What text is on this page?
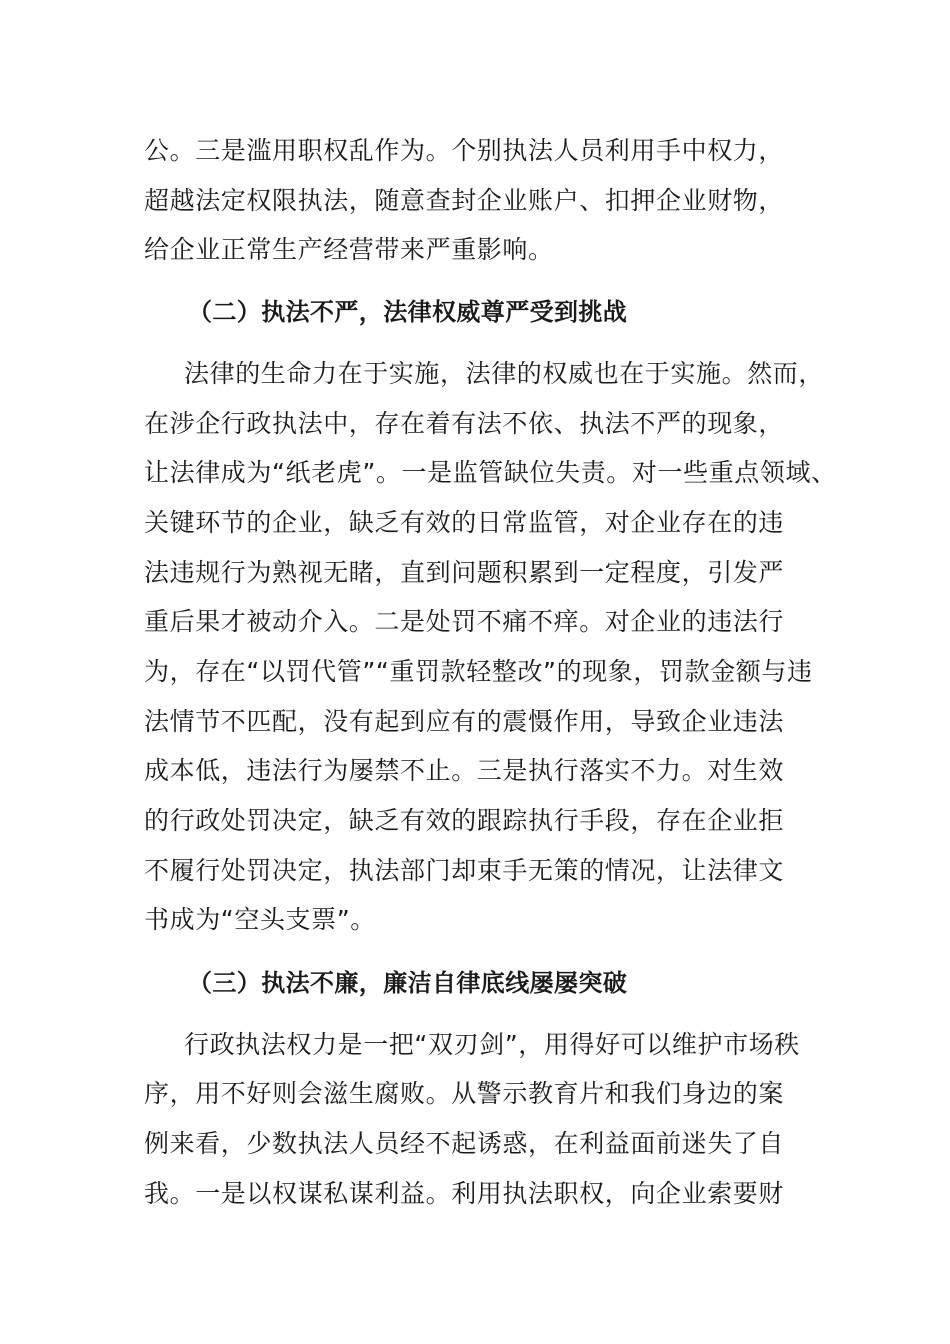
公。三是滥用职权乱作为。个别执法人员利用手中权力，
超越法定权限执法，随意查封企业账户、扣押企业财物，
给企业正常生产经营带来严重影响。
（二）执法不严，法律权威尊严受到挑战
法律的生命力在于实施，法律的权威也在于实施。然而，
在涉企行政执法中，存在着有法不依、执法不严的现象，
让法律成为“纸老虎”。一是监管缺位失责。对一些重点领域、
关键环节的企业，缺乏有效的日常监管，对企业存在的违
法违规行为熟视无睹，直到问题积累到一定程度，引发严
重后果才被动介入。二是处罚不痛不痒。对企业的违法行
为，存在“以罚代管”“重罚款轻整改”的现象，罚款金额与违
法情节不匹配，没有起到应有的震慑作用，导致企业违法
成本低，违法行为屡禁不止。三是执行落实不力。对生效
的行政处罚决定，缺乏有效的跟踪执行手段，存在企业拒
不履行处罚决定，执法部门却束手无策的情况，让法律文
书成为“空头支票”。
（三）执法不廉，廉洁自律底线屡屡突破
行政执法权力是一把“双刃剑”，用得好可以维护市场秩
序，用不好则会滋生腐败。从警示教育片和我们身边的案
例来看，少数执法人员经不起诱惑，在利益面前迷失了自
我。一是以权谋私谋利益。利用执法职权，向企业索要财
